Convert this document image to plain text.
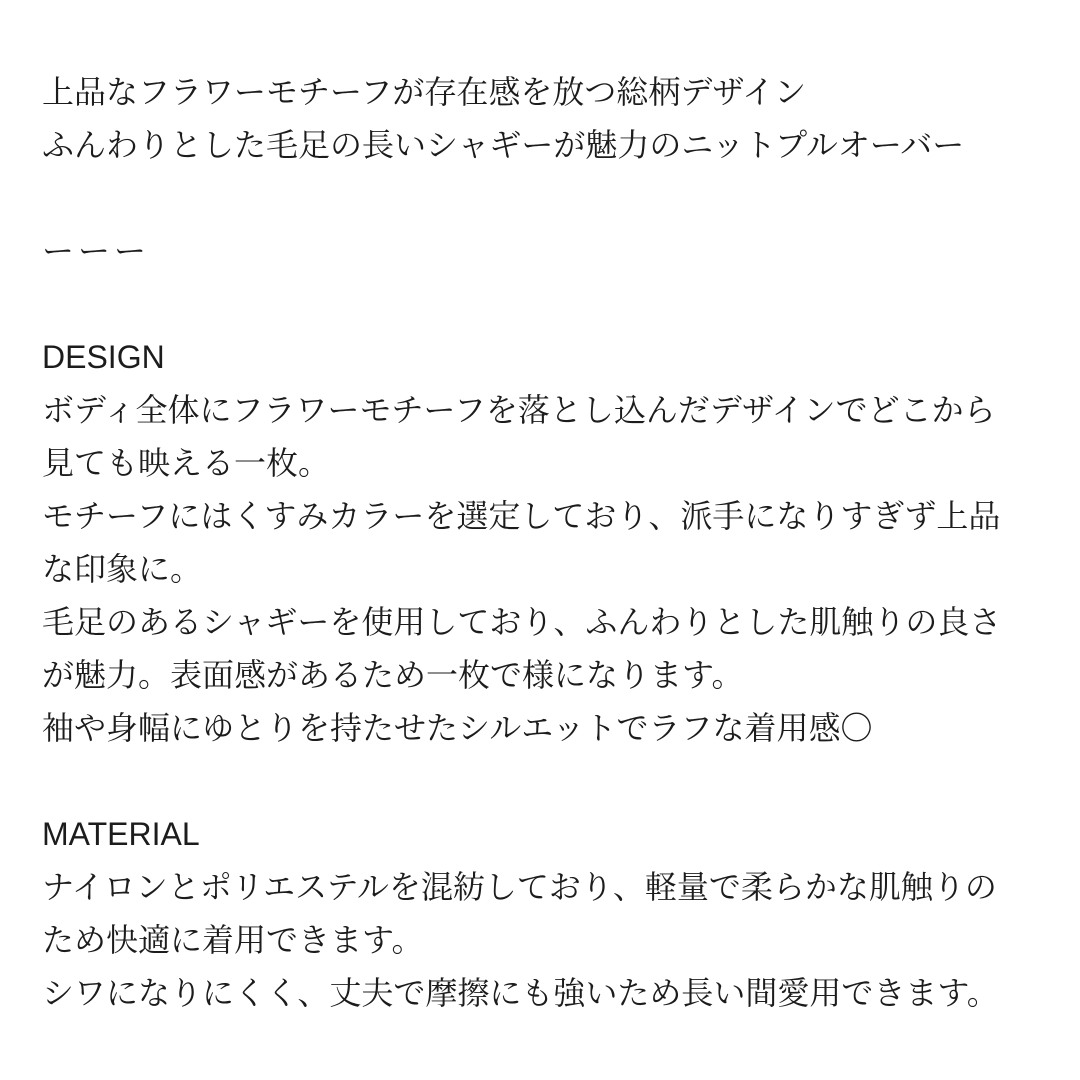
上品なフラワーモチーフが存在感を放つ総柄デザイン
ふんわりとした毛足の長いシャギーが魅力のニットプルオーバー
ーーー
DESIGN
ボディ全体にフラワーモチーフを落とし込んだデザインでどこから
見ても映える一枚。
モチーフにはくすみカラーを選定しており、派手になりすぎず上品
な印象に。
毛足のあるシャギーを使用しており、ふんわりとした肌触りの良さ
が魅力。表面感があるため一枚で様になります。
袖や身幅にゆとりを持たせたシルエットでラフな着用感〇
MATERIAL
ナイロンとポリエステルを混紡しており、軽量で柔らかな肌触りの
ため快適に着用できます。
シワになりにくく、丈夫で摩擦にも強いため長い間愛用できます。
